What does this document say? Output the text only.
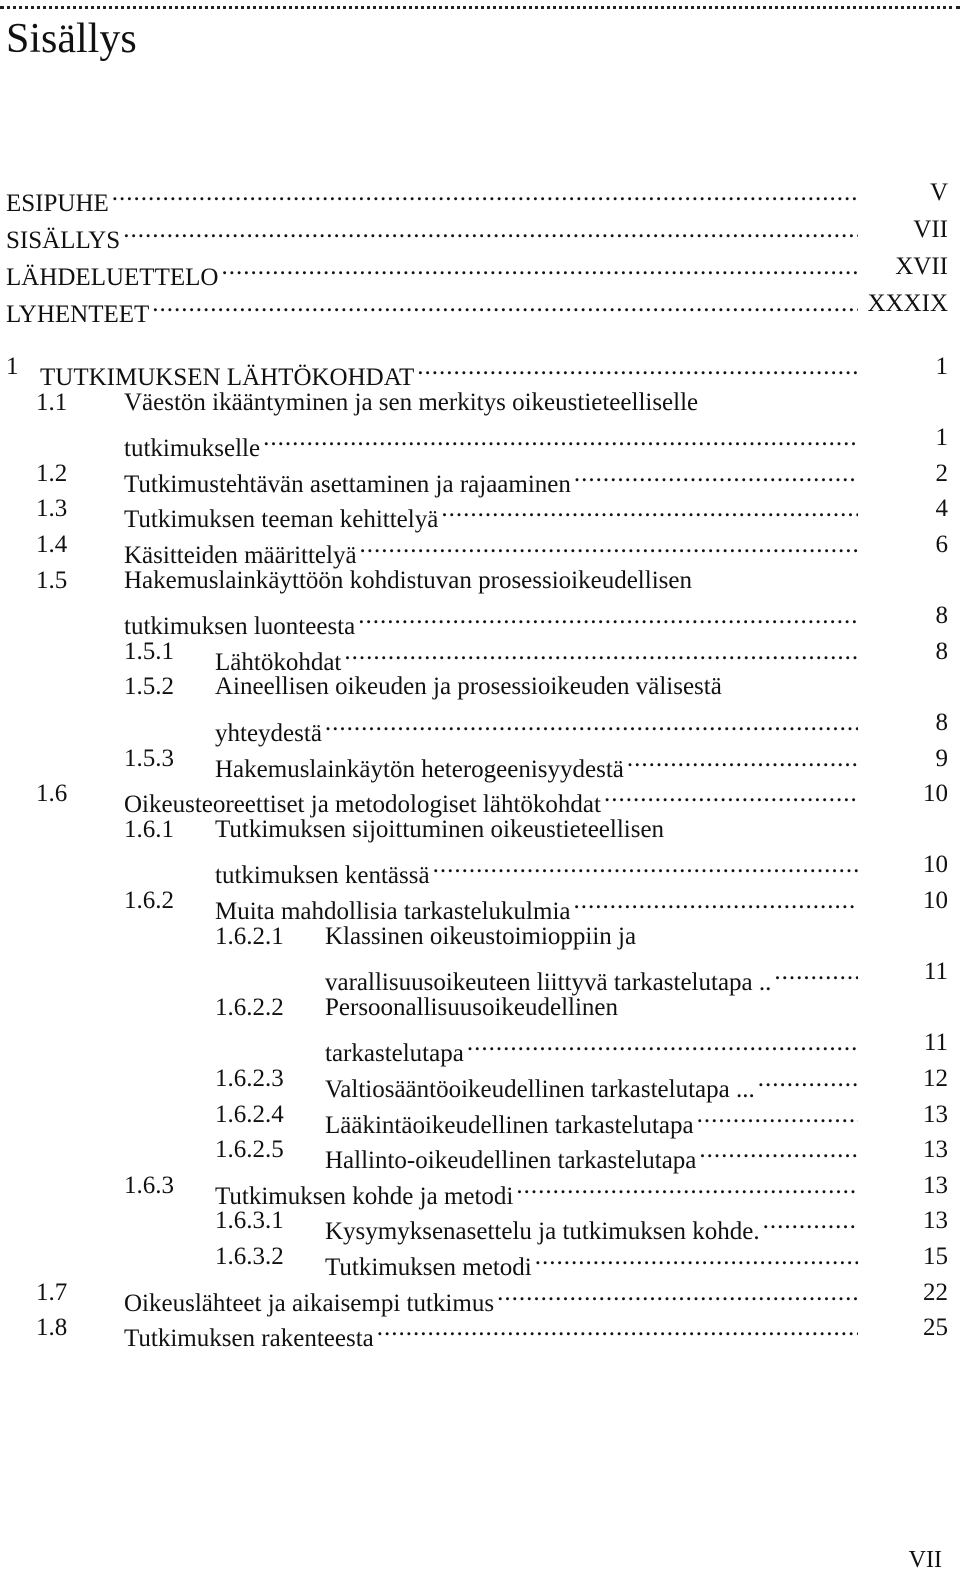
Sisällys
ESIPUHE .....	V
SISÄLLYS .....	VII
LÄHDELUETTELO .....	XVII
LYHENTEET .....	XXXIX
1 TUTKIMUKSEN LÄHTÖKOHDAT .....	1
1.1 Väestön ikääntyminen ja sen merkitys oikeustieteelliselle
tutkimukselle .....	1
1.2 Tutkimustehtävän asettaminen ja rajaaminen .....	2
1.3 Tutkimuksen teeman kehittelyä .....	4
1.4 Käsitteiden määrittelyä .....	6
1.5 Hakemuslainkäyttöön kohdistuvan prosessioikeudellisen
tutkimuksen luonteesta .....	8
1.5.1 Lähtökohdat .....	8
1.5.2 Aineellisen oikeuden ja prosessioikeuden välisestä
yhteydestä .....	8
1.5.3 Hakemuslainkäytön heterogeenisyydestä .....	9
1.6 Oikeusteoreettiset ja metodologiset lähtökohdat .....	10
1.6.1 Tutkimuksen sijoittuminen oikeustieteellisen
tutkimuksen kentässä .....	10
1.6.2 Muita mahdollisia tarkastelukulmia .....	10
1.6.2.1 Klassinen oikeustoimioppiin ja
varallisuusoikeuteen liittyvä tarkastelutapa .. .....	11
1.6.2.2 Persoonallisuusoikeudellinen
tarkastelutapa .....	11
1.6.2.3 Valtiosääntöoikeudellinen tarkastelutapa ... .....	12
1.6.2.4 Lääkintäoikeudellinen tarkastelutapa .....	13
1.6.2.5 Hallinto-oikeudellinen tarkastelutapa .....	13
1.6.3 Tutkimuksen kohde ja metodi .....	13
1.6.3.1 Kysymyksenasettelu ja tutkimuksen kohde. .....	13
1.6.3.2 Tutkimuksen metodi .....	15
1.7 Oikeuslähteet ja aikaisempi tutkimus .....	22
1.8 Tutkimuksen rakenteesta .....	25
VII
